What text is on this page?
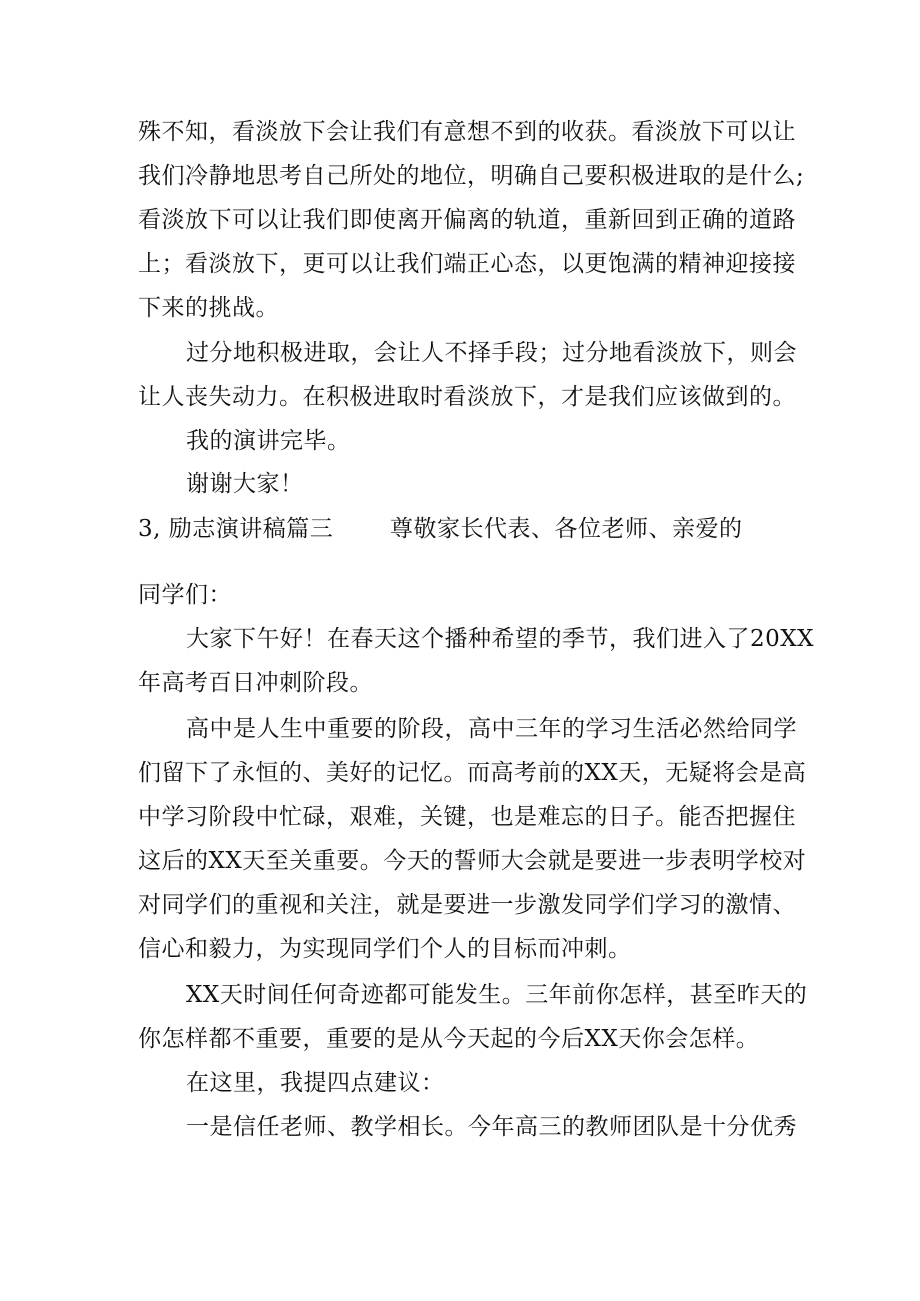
殊不知，看淡放下会让我们有意想不到的收获。看淡放下可以让
我们冷静地思考自己所处的地位，明确自己要积极进取的是什么;
看淡放下可以让我们即使离开偏离的轨道，重新回到正确的道路
上；看淡放下，更可以让我们端正心态，以更饱满的精神迎接接
下来的挑战。
过分地积极进取，会让人不择手段；过分地看淡放下，则会
让人丧失动力。在积极进取时看淡放下，才是我们应该做到的。
我的演讲完毕。
谢谢大家！
3, 励志演讲稿篇三 尊敬家长代表、各位老师、亲爱的
同学们：
大家下午好！在春天这个播种希望的季节，我们进入了20XX
年高考百日冲刺阶段。
高中是人生中重要的阶段，高中三年的学习生活必然给同学
们留下了永恒的、美好的记忆。而高考前的XX天，无疑将会是高
中学习阶段中忙碌，艰难，关键，也是难忘的日子。能否把握住
这后的XX天至关重要。今天的誓师大会就是要进一步表明学校对
对同学们的重视和关注，就是要进一步激发同学们学习的激情、
信心和毅力，为实现同学们个人的目标而冲刺。
XX天时间任何奇迹都可能发生。三年前你怎样，甚至昨天的
你怎样都不重要，重要的是从今天起的今后XX天你会怎样。
在这里，我提四点建议：
一是信任老师、教学相长。今年高三的教师团队是十分优秀
